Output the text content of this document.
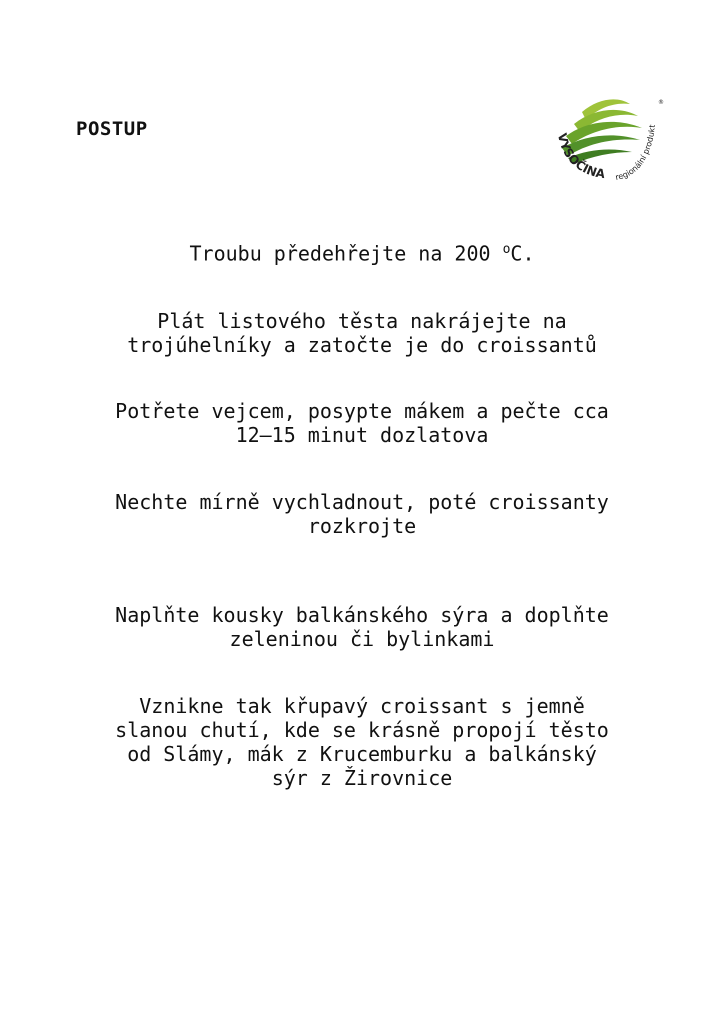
POSTUP	VYSOČINA regionální produkt
®
Troubu předehřejte na 200 $^o$C.
Plát listového těsta nakrájejte na
trojúhelníky a zatočte je do croissantů
Potřete vejcem, posypte mákem a pečte cca
12–15 minut dozlatova
Nechte mírně vychladnout, poté croissanty
rozkrojte
Naplňte kousky balkánského sýra a doplňte
zeleninou či bylinkami
Vznikne tak křupavý croissant s jemně
slanou chutí, kde se krásně propojí těsto
od Slámy, mák z Krucemburku a balkánský
sýr z Žirovnice
